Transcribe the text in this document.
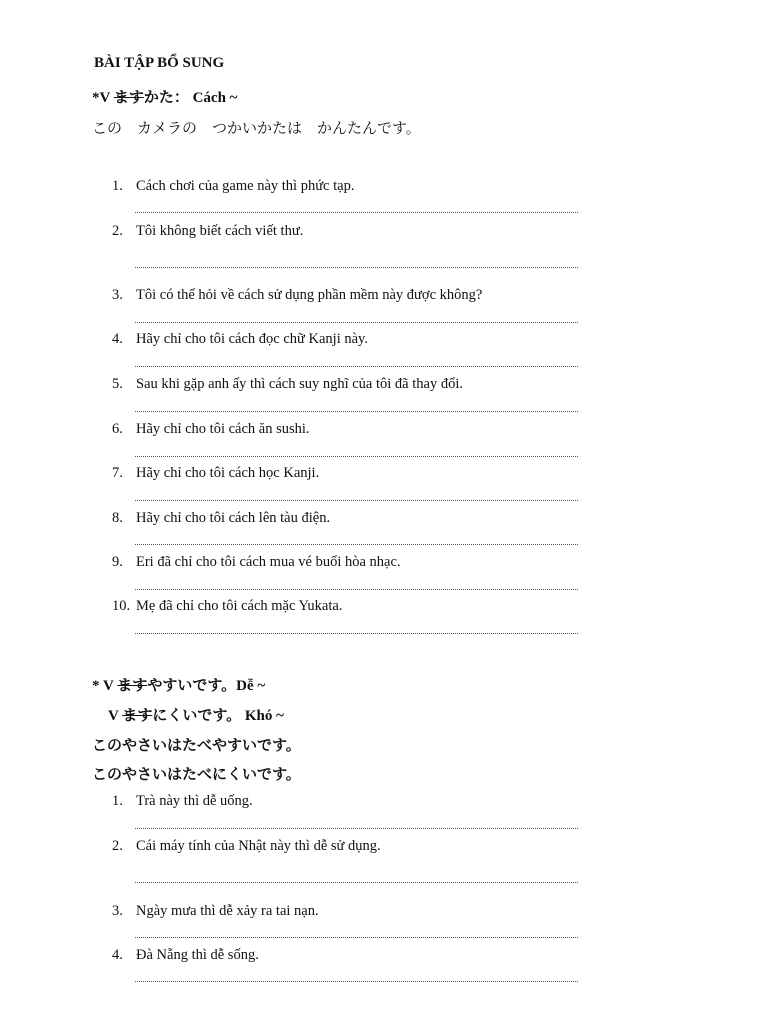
BÀI TẬP BỔ SUNG
*V ますかた： Cách ~
この　カメラの　つかいかたは　かんたんです。
1. Cách chơi của game này thì phức tạp.
2. Tôi không biết cách viết thư.
3. Tôi có thể hỏi về cách sử dụng phần mềm này được không?
4. Hãy chỉ cho tôi cách đọc chữ Kanji này.
5. Sau khi gặp anh ấy thì cách suy nghĩ của tôi đã thay đổi.
6. Hãy chỉ cho tôi cách ăn sushi.
7. Hãy chỉ cho tôi cách học Kanji.
8. Hãy chỉ cho tôi cách lên tàu điện.
9. Eri đã chỉ cho tôi cách mua vé buổi hòa nhạc.
10. Mẹ đã chỉ cho tôi cách mặc Yukata.
* V ますやすいです。Dễ ~
V ますにくいです。 Khó ~
このやさいはたべやすいです。
このやさいはたべにくいです。
1. Trà này thì dễ uống.
2. Cái máy tính của Nhật này thì dễ sử dụng.
3. Ngày mưa thì dễ xảy ra tai nạn.
4. Đà Nẵng thì dễ sống.
